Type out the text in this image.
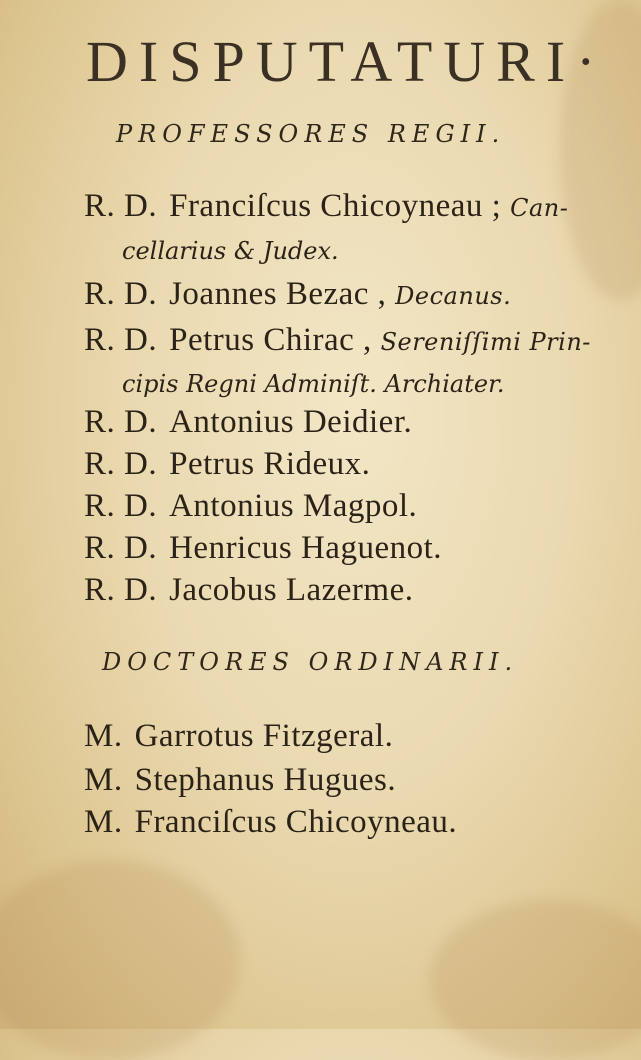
DISPUTATURI·
PROFESSORES REGII.
R. D. Franciſcus Chicoyneau ; Can-
cellarius & Judex.
R. D. Joannes Bezac , Decanus.
R. D. Petrus Chirac , Sereniſſimi Prin-
cipis Regni Adminiſt. Archiater.
R. D. Antonius Deidier.
R. D. Petrus Rideux.
R. D. Antonius Magpol.
R. D. Henricus Haguenot.
R. D. Jacobus Lazerme.
DOCTORES ORDINARII.
M. Garrotus Fitzgeral.
M. Stephanus Hugues.
M. Franciſcus Chicoyneau.
